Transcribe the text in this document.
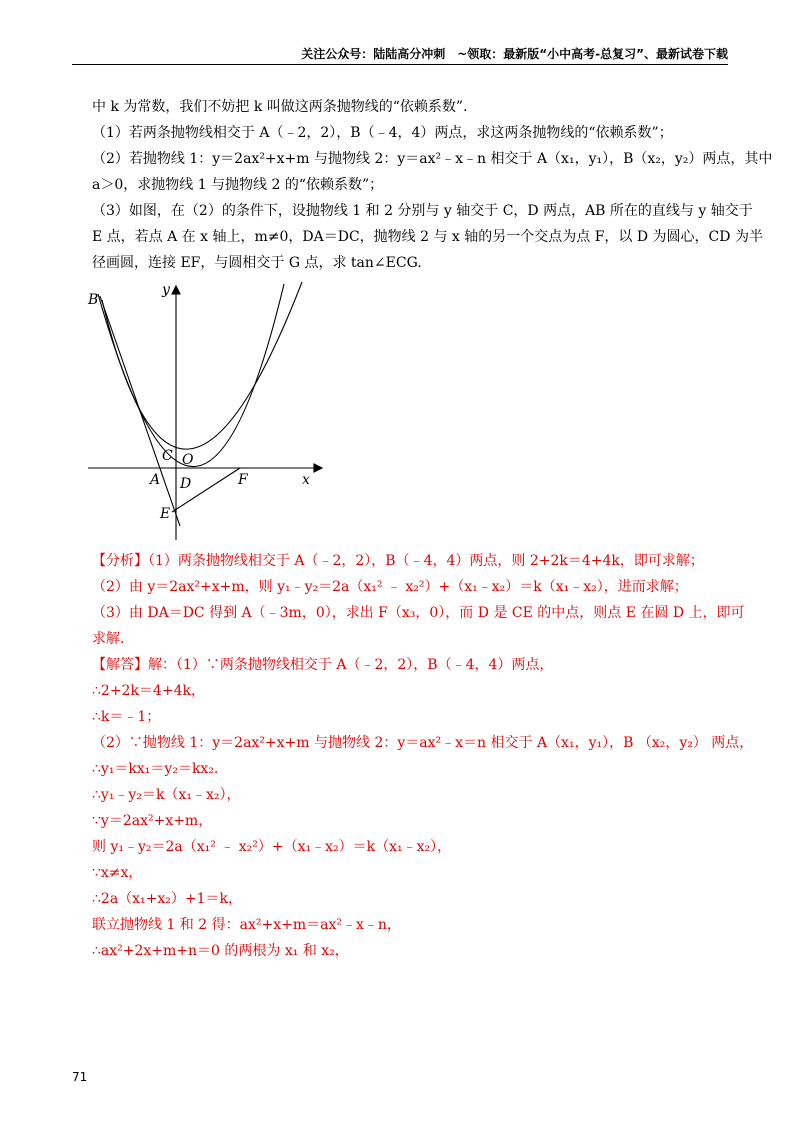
关注公众号：陆陆高分冲刺　~领取：最新版“小中高考-总复习”、最新试卷下载
中 k 为常数，我们不妨把 k 叫做这两条抛物线的“依赖系数”．
（1）若两条抛物线相交于 A（﹣2，2），B（﹣4，4）两点，求这两条抛物线的“依赖系数”；
（2）若抛物线 1：y＝2ax²+x+m 与抛物线 2：y＝ax²﹣x﹣n 相交于 A（x₁，y₁），B（x₂，y₂）两点，其中
a＞0，求抛物线 1 与抛物线 2 的“依赖系数”；
（3）如图，在（2）的条件下，设抛物线 1 和 2 分别与 y 轴交于 C，D 两点，AB 所在的直线与 y 轴交于
E 点，若点 A 在 x 轴上，m≠0，DA＝DC，抛物线 2 与 x 轴的另一个交点为点 F，以 D 为圆心，CD 为半
径画圆，连接 EF，与圆相交于 G 点，求 tan∠ECG.
B
y
C O
A D	F	x
E
【分析】（1）两条抛物线相交于 A（﹣2，2），B（﹣4，4）两点，则 2+2k＝4+4k，即可求解；
（2）由 y＝2ax²+x+m，则 y₁﹣y₂＝2a（x₁² ﹣ x₂²）+（x₁﹣x₂）＝k（x₁﹣x₂），进而求解；
（3）由 DA＝DC 得到 A（﹣3m，0），求出 F（x₃，0），而 D 是 CE 的中点，则点 E 在圆 D 上，即可
求解.
【解答】解：（1）∵两条抛物线相交于 A（﹣2，2），B（﹣4，4）两点，
∴2+2k＝4+4k，
∴k＝﹣1；
（2）∵抛物线 1：y＝2ax²+x+m 与抛物线 2：y＝ax²﹣x＝n 相交于 A（x₁，y₁），B （x₂，y₂） 两点，
∴y₁＝kx₁＝y₂＝kx₂.
∴y₁﹣y₂＝k（x₁﹣x₂），
∵y＝2ax²+x+m，
则 y₁﹣y₂＝2a（x₁² ﹣ x₂²）+（x₁﹣x₂）＝k（x₁﹣x₂），
∵x≠x，
∴2a（x₁+x₂）+1＝k，
联立抛物线 1 和 2 得：ax²+x+m＝ax²﹣x﹣n，
∴ax²+2x+m+n＝0 的两根为 x₁ 和 x₂，
71
